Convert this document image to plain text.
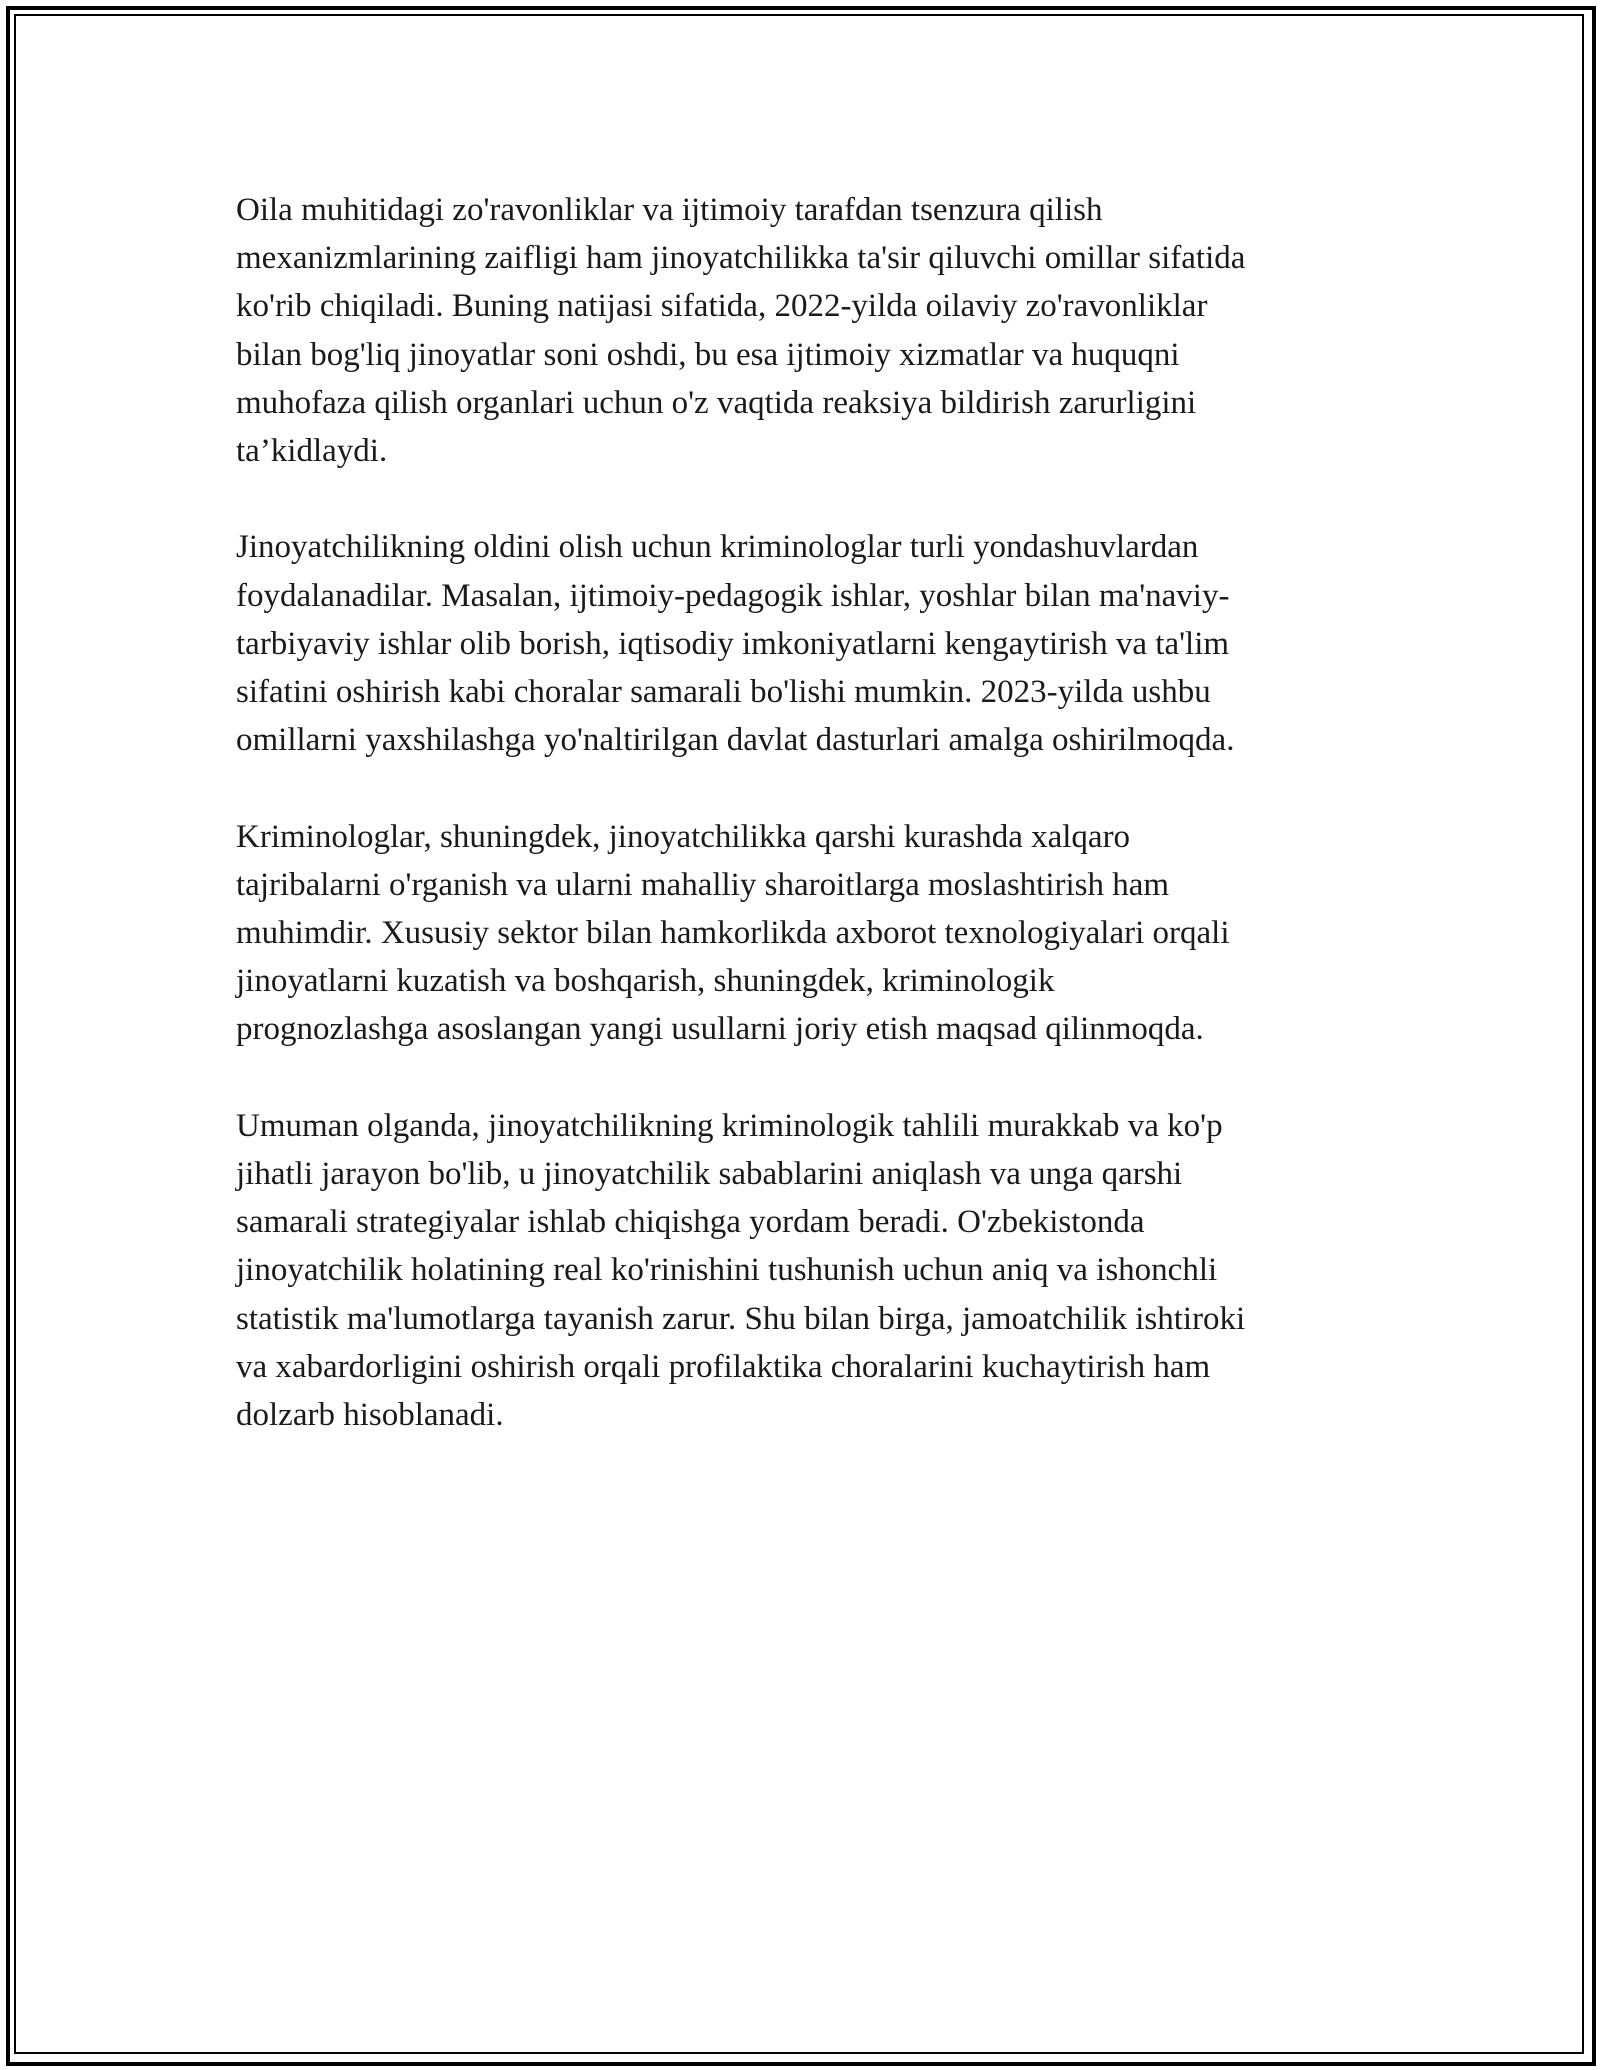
Oila muhitidagi zo'ravonliklar va ijtimoiy tarafdan tsenzura qilish
mexanizmlarining zaifligi ham jinoyatchilikka ta'sir qiluvchi omillar sifatida
ko'rib chiqiladi. Buning natijasi sifatida, 2022-yilda oilaviy zo'ravonliklar
bilan bog'liq jinoyatlar soni oshdi, bu esa ijtimoiy xizmatlar va huquqni
muhofaza qilish organlari uchun o'z vaqtida reaksiya bildirish zarurligini
ta’kidlaydi.

Jinoyatchilikning oldini olish uchun kriminologlar turli yondashuvlardan
foydalanadilar. Masalan, ijtimoiy-pedagogik ishlar, yoshlar bilan ma'naviy-
tarbiyaviy ishlar olib borish, iqtisodiy imkoniyatlarni kengaytirish va ta'lim
sifatini oshirish kabi choralar samarali bo'lishi mumkin. 2023-yilda ushbu
omillarni yaxshilashga yo'naltirilgan davlat dasturlari amalga oshirilmoqda.

Kriminologlar, shuningdek, jinoyatchilikka qarshi kurashda xalqaro
tajribalarni o'rganish va ularni mahalliy sharoitlarga moslashtirish ham
muhimdir. Xususiy sektor bilan hamkorlikda axborot texnologiyalari orqali
jinoyatlarni kuzatish va boshqarish, shuningdek, kriminologik
prognozlashga asoslangan yangi usullarni joriy etish maqsad qilinmoqda.

Umuman olganda, jinoyatchilikning kriminologik tahlili murakkab va ko'p
jihatli jarayon bo'lib, u jinoyatchilik sabablarini aniqlash va unga qarshi
samarali strategiyalar ishlab chiqishga yordam beradi. O'zbekistonda
jinoyatchilik holatining real ko'rinishini tushunish uchun aniq va ishonchli
statistik ma'lumotlarga tayanish zarur. Shu bilan birga, jamoatchilik ishtiroki
va xabardorligini oshirish orqali profilaktika choralarini kuchaytirish ham
dolzarb hisoblanadi.
